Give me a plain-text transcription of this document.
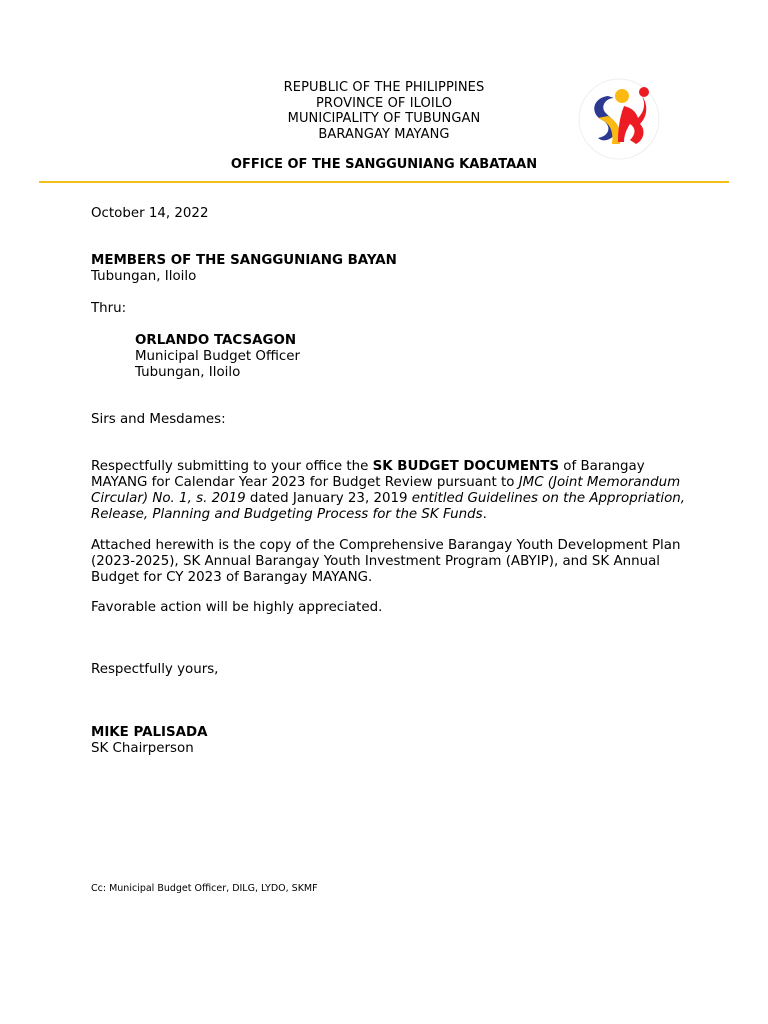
REPUBLIC OF THE PHILIPPINES
PROVINCE OF ILOILO
MUNICIPALITY OF TUBUNGAN
BARANGAY MAYANG
OFFICE OF THE SANGGUNIANG KABATAAN
October 14, 2022
MEMBERS OF THE SANGGUNIANG BAYAN
Tubungan, Iloilo
Thru:
ORLANDO TACSAGON
Municipal Budget Officer
Tubungan, Iloilo
Sirs and Mesdames:
Respectfully submitting to your office the SK BUDGET DOCUMENTS of Barangay MAYANG for Calendar Year 2023 for Budget Review pursuant to JMC (Joint Memorandum Circular) No. 1, s. 2019 dated January 23, 2019 entitled Guidelines on the Appropriation, Release, Planning and Budgeting Process for the SK Funds.
Attached herewith is the copy of the Comprehensive Barangay Youth Development Plan (2023-2025), SK Annual Barangay Youth Investment Program (ABYIP), and SK Annual Budget for CY 2023 of Barangay MAYANG.
Favorable action will be highly appreciated.
Respectfully yours,
MIKE PALISADA
SK Chairperson
Cc: Municipal Budget Officer, DILG, LYDO, SKMF
